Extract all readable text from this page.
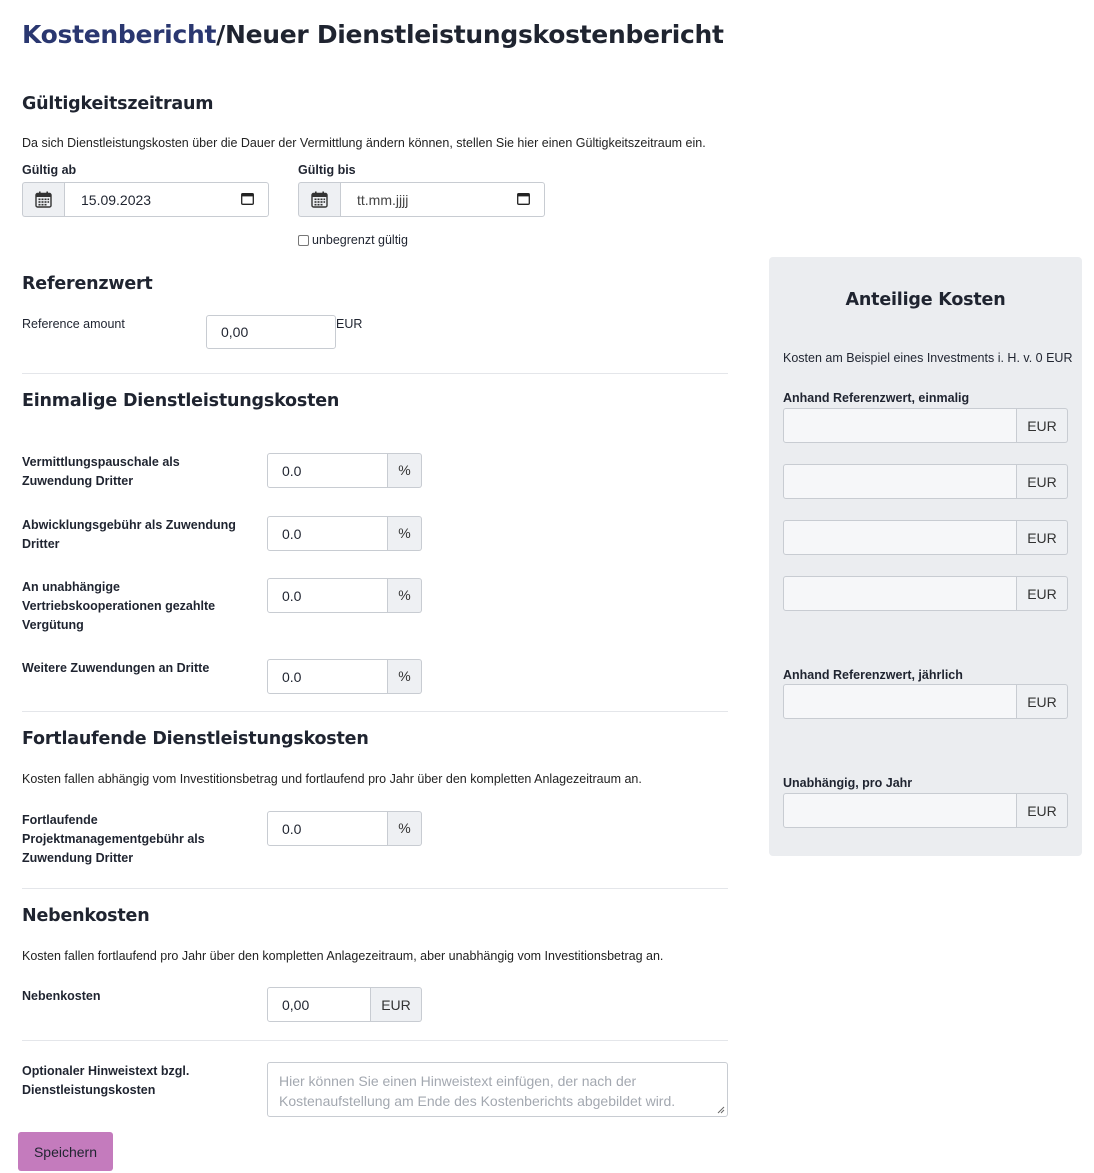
Kostenbericht/Neuer Dienstleistungskostenbericht
Gültigkeitszeitraum

Da sich Dienstleistungskosten über die Dauer der Vermittlung ändern können, stellen Sie hier einen Gültigkeitszeitraum ein.

Gültig ab
15.09.2023
Gültig bis
tt.mm.jjjj
unbegrenzt gültig
Referenzwert
Reference amount	0,00	EUR
Einmalige Dienstleistungskosten
Vermittlungspauschale als
Zuwendung Dritter
0.0	%
Abwicklungsgebühr als Zuwendung
Dritter
0.0	%
An unabhängige
Vertriebskooperationen gezahlte
Vergütung
0.0	%
Weitere Zuwendungen an Dritte
0.0	%
Fortlaufende Dienstleistungskosten

Kosten fallen abhängig vom Investitionsbetrag und fortlaufend pro Jahr über den kompletten Anlagezeitraum an.

Fortlaufende
Projektmanagementgebühr als
Zuwendung Dritter
0.0	%
Nebenkosten

Kosten fallen fortlaufend pro Jahr über den kompletten Anlagezeitraum, aber unabhängig vom Investitionsbetrag an.

Nebenkosten
0,00	EUR
Optionaler Hinweistext bzgl.
Dienstleistungskosten
Hier können Sie einen Hinweistext einfügen, der nach der
Kostenaufstellung am Ende des Kostenberichts abgebildet wird.
Speichern
Anteilige Kosten
Kosten am Beispiel eines Investments i. H. v. 0 EUR
Anhand Referenzwert, einmalig
EUR
EUR
EUR
EUR
Anhand Referenzwert, jährlich
EUR
Unabhängig, pro Jahr
EUR
